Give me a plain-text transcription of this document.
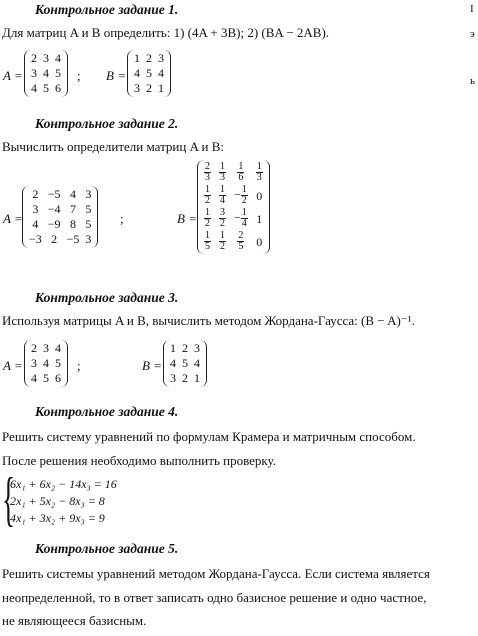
I
э
ь
Контрольное задание 1.
Для матриц A и B определить: 1) (4A + 3B); 2) (BA − 2AB).
A =
2	3	4
3	4	5
4	5	6
; B =
1	2	3
4	5	4
3	2	1
Контрольное задание 2.
Вычислить определители матриц A и B:
A =
2	−5	4	3
3	−4	7	5
4	−9	8	5
−3	2	−5	3
;	B =
$\frac{2}{3}$	$\frac{1}{3}$	$\frac{1}{6}$	$\frac{1}{3}$

$\frac{1}{2}$	$\frac{1}{4}$	− $\frac{1}{2}$	0

$\frac{1}{2}$	$\frac{3}{2}$	− $\frac{1}{4}$	1

$\frac{1}{5}$	$\frac{1}{2}$	$\frac{2}{5}$	0
Контрольное задание 3.
Используя матрицы A и B, вычислить методом Жордана-Гаусса: (B − A)⁻¹.
A =
2	3	4
3	4	5
4	5	6
;	B =
1	2	3
4	5	4
3	2	1
Контрольное задание 4.
Решить систему уравнений по формулам Крамера и матричным способом.
После решения необходимо выполнить проверку.
{
6x₁ + 6x₂ − 14x₃ = 16
2x₁ + 5x₂ − 8x₃ = 8
4x₁ + 3x₂ + 9x₃ = 9
Контрольное задание 5.
Решить системы уравнений методом Жордана-Гаусса. Если система является
неопределенной, то в ответ записать одно базисное решение и одно частное,
не являющееся базисным.
